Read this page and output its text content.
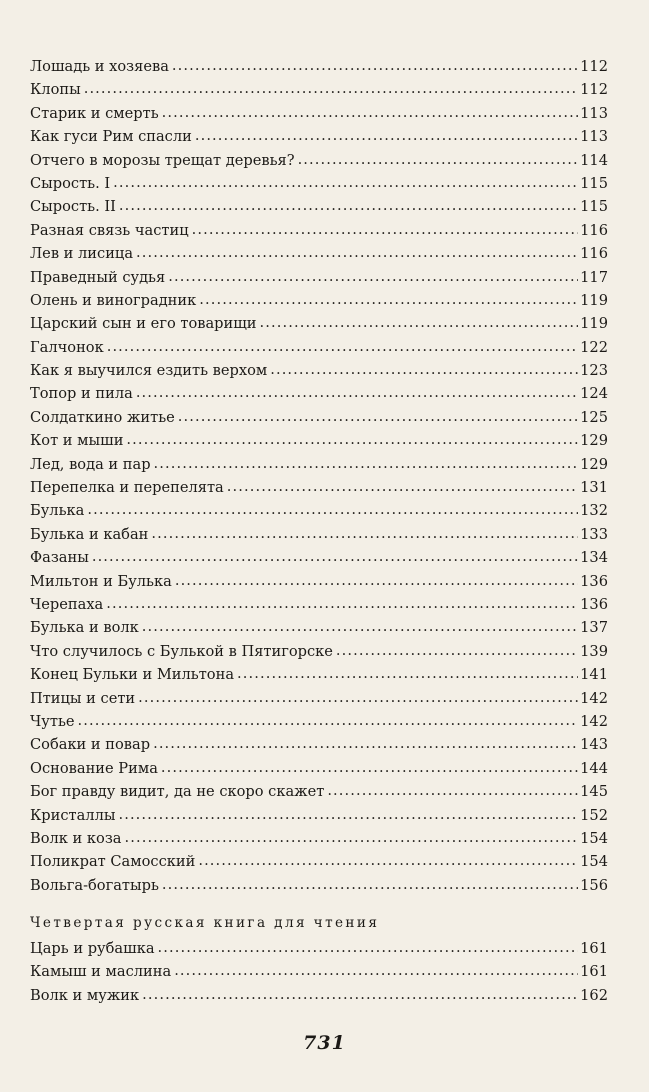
Лошадь и хозяева .....	112
Клопы .....	112
Старик и смерть .....	113
Как гуси Рим спасли .....	113
Отчего в морозы трещат деревья? .....	114
Сырость. I .....	115
Сырость. II .....	115
Разная связь частиц .....	116
Лев и лисица .....	116
Праведный судья .....	117
Олень и виноградник .....	119
Царский сын и его товарищи .....	119
Галчонок .....	122
Как я выучился ездить верхом .....	123
Топор и пила .....	124
Солдаткино житье .....	125
Кот и мыши .....	129
Лед, вода и пар .....	129
Перепелка и перепелята .....	131
Булька .....	132
Булька и кабан .....	133
Фазаны .....	134
Мильтон и Булька .....	136
Черепаха .....	136
Булька и волк .....	137
Что случилось с Булькой в Пятигорске .....	139
Конец Бульки и Мильтона .....	141
Птицы и сети .....	142
Чутье .....	142
Собаки и повар .....	143
Основание Рима .....	144
Бог правду видит, да не скоро скажет .....	145
Кристаллы .....	152
Волк и коза .....	154
Поликрат Самосский .....	154
Вольга-богатырь .....	156
Четвертая русская книга для чтения
Царь и рубашка .....	161
Камыш и маслина .....	161
Волк и мужик .....	162
731
